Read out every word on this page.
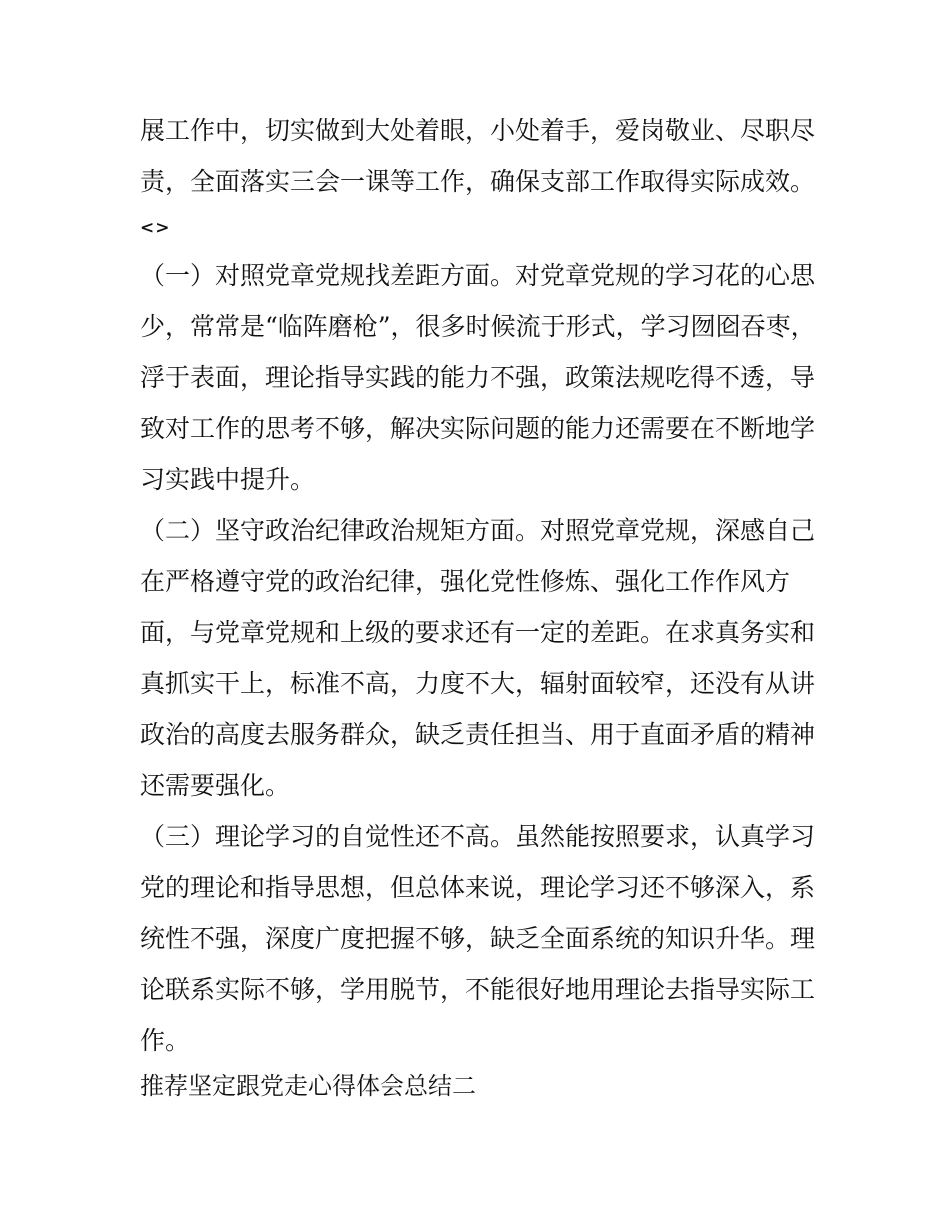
展工作中，切实做到大处着眼，小处着手，爱岗敬业、尽职尽
责，全面落实三会一课等工作，确保支部工作取得实际成效。
<>
（一）对照党章党规找差距方面。对党章党规的学习花的心思
少，常常是“临阵磨枪”，很多时候流于形式，学习囫囵吞枣，
浮于表面，理论指导实践的能力不强，政策法规吃得不透，导
致对工作的思考不够，解决实际问题的能力还需要在不断地学
习实践中提升。
（二）坚守政治纪律政治规矩方面。对照党章党规，深感自己
在严格遵守党的政治纪律，强化党性修炼、强化工作作风方
面，与党章党规和上级的要求还有一定的差距。在求真务实和
真抓实干上，标准不高，力度不大，辐射面较窄，还没有从讲
政治的高度去服务群众，缺乏责任担当、用于直面矛盾的精神
还需要强化。
（三）理论学习的自觉性还不高。虽然能按照要求，认真学习
党的理论和指导思想，但总体来说，理论学习还不够深入，系
统性不强，深度广度把握不够，缺乏全面系统的知识升华。理
论联系实际不够，学用脱节，不能很好地用理论去指导实际工
作。
推荐坚定跟党走心得体会总结二
